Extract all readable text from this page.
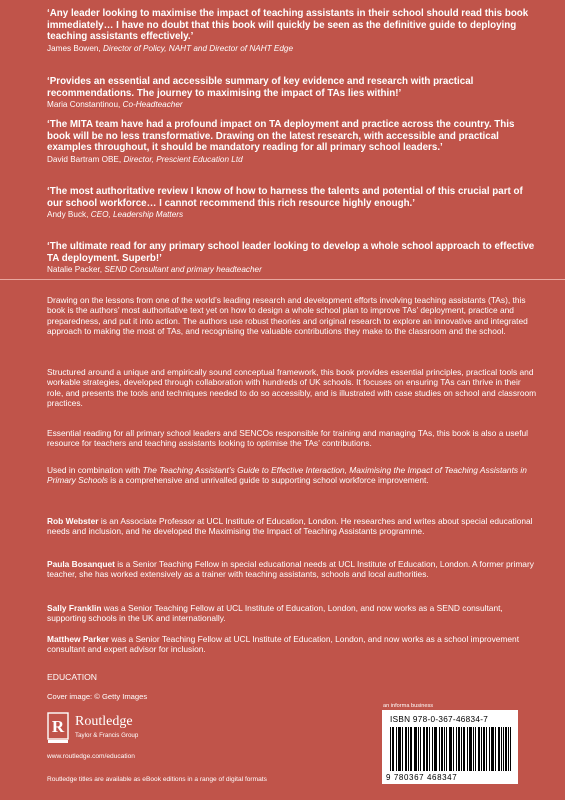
‘Any leader looking to maximise the impact of teaching assistants in their school should read this book immediately… I have no doubt that this book will quickly be seen as the definitive guide to deploying teaching assistants effectively.’

James Bowen, Director of Policy, NAHT and Director of NAHT Edge

‘Provides an essential and accessible summary of key evidence and research with practical recommendations. The journey to maximising the impact of TAs lies within!’

Maria Constantinou, Co-Headteacher

‘The MITA team have had a profound impact on TA deployment and practice across the country. This book will be no less transformative. Drawing on the latest research, with accessible and practical examples throughout, it should be mandatory reading for all primary school leaders.’

David Bartram OBE, Director, Prescient Education Ltd

‘The most authoritative review I know of how to harness the talents and potential of this crucial part of our school workforce… I cannot recommend this rich resource highly enough.’

Andy Buck, CEO, Leadership Matters

‘The ultimate read for any primary school leader looking to develop a whole school approach to effective TA deployment. Superb!’

Natalie Packer, SEND Consultant and primary headteacher

Drawing on the lessons from one of the world’s leading research and development efforts involving teaching assistants (TAs), this book is the authors’ most authoritative text yet on how to design a whole school plan to improve TAs’ deployment, practice and preparedness, and put it into action. The authors use robust theories and original research to explore an innovative and integrated approach to making the most of TAs, and recognising the valuable contributions they make to the classroom and the school.

Structured around a unique and empirically sound conceptual framework, this book provides essential principles, practical tools and workable strategies, developed through collaboration with hundreds of UK schools. It focuses on ensuring TAs can thrive in their role, and presents the tools and techniques needed to do so accessibly, and is illustrated with case studies on school and classroom practices.

Essential reading for all primary school leaders and SENCOs responsible for training and managing TAs, this book is also a useful resource for teachers and teaching assistants looking to optimise the TAs’ contributions.

Used in combination with The Teaching Assistant’s Guide to Effective Interaction, Maximising the Impact of Teaching Assistants in Primary Schools is a comprehensive and unrivalled guide to supporting school workforce improvement.

Rob Webster is an Associate Professor at UCL Institute of Education, London. He researches and writes about special educational needs and inclusion, and he developed the Maximising the Impact of Teaching Assistants programme.

Paula Bosanquet is a Senior Teaching Fellow in special educational needs at UCL Institute of Education, London. A former primary teacher, she has worked extensively as a trainer with teaching assistants, schools and local authorities.

Sally Franklin was a Senior Teaching Fellow at UCL Institute of Education, London, and now works as a SEND consultant, supporting schools in the UK and internationally.

Matthew Parker was a Senior Teaching Fellow at UCL Institute of Education, London, and now works as a school improvement consultant and expert advisor for inclusion.

EDUCATION
Cover image: © Getty Images
R Routledge
Taylor & Francis Group
www.routledge.com/education
Routledge titles are available as eBook editions in a range of digital formats
an informa business
ISBN 978-0-367-46834-7
9 780367 468347
